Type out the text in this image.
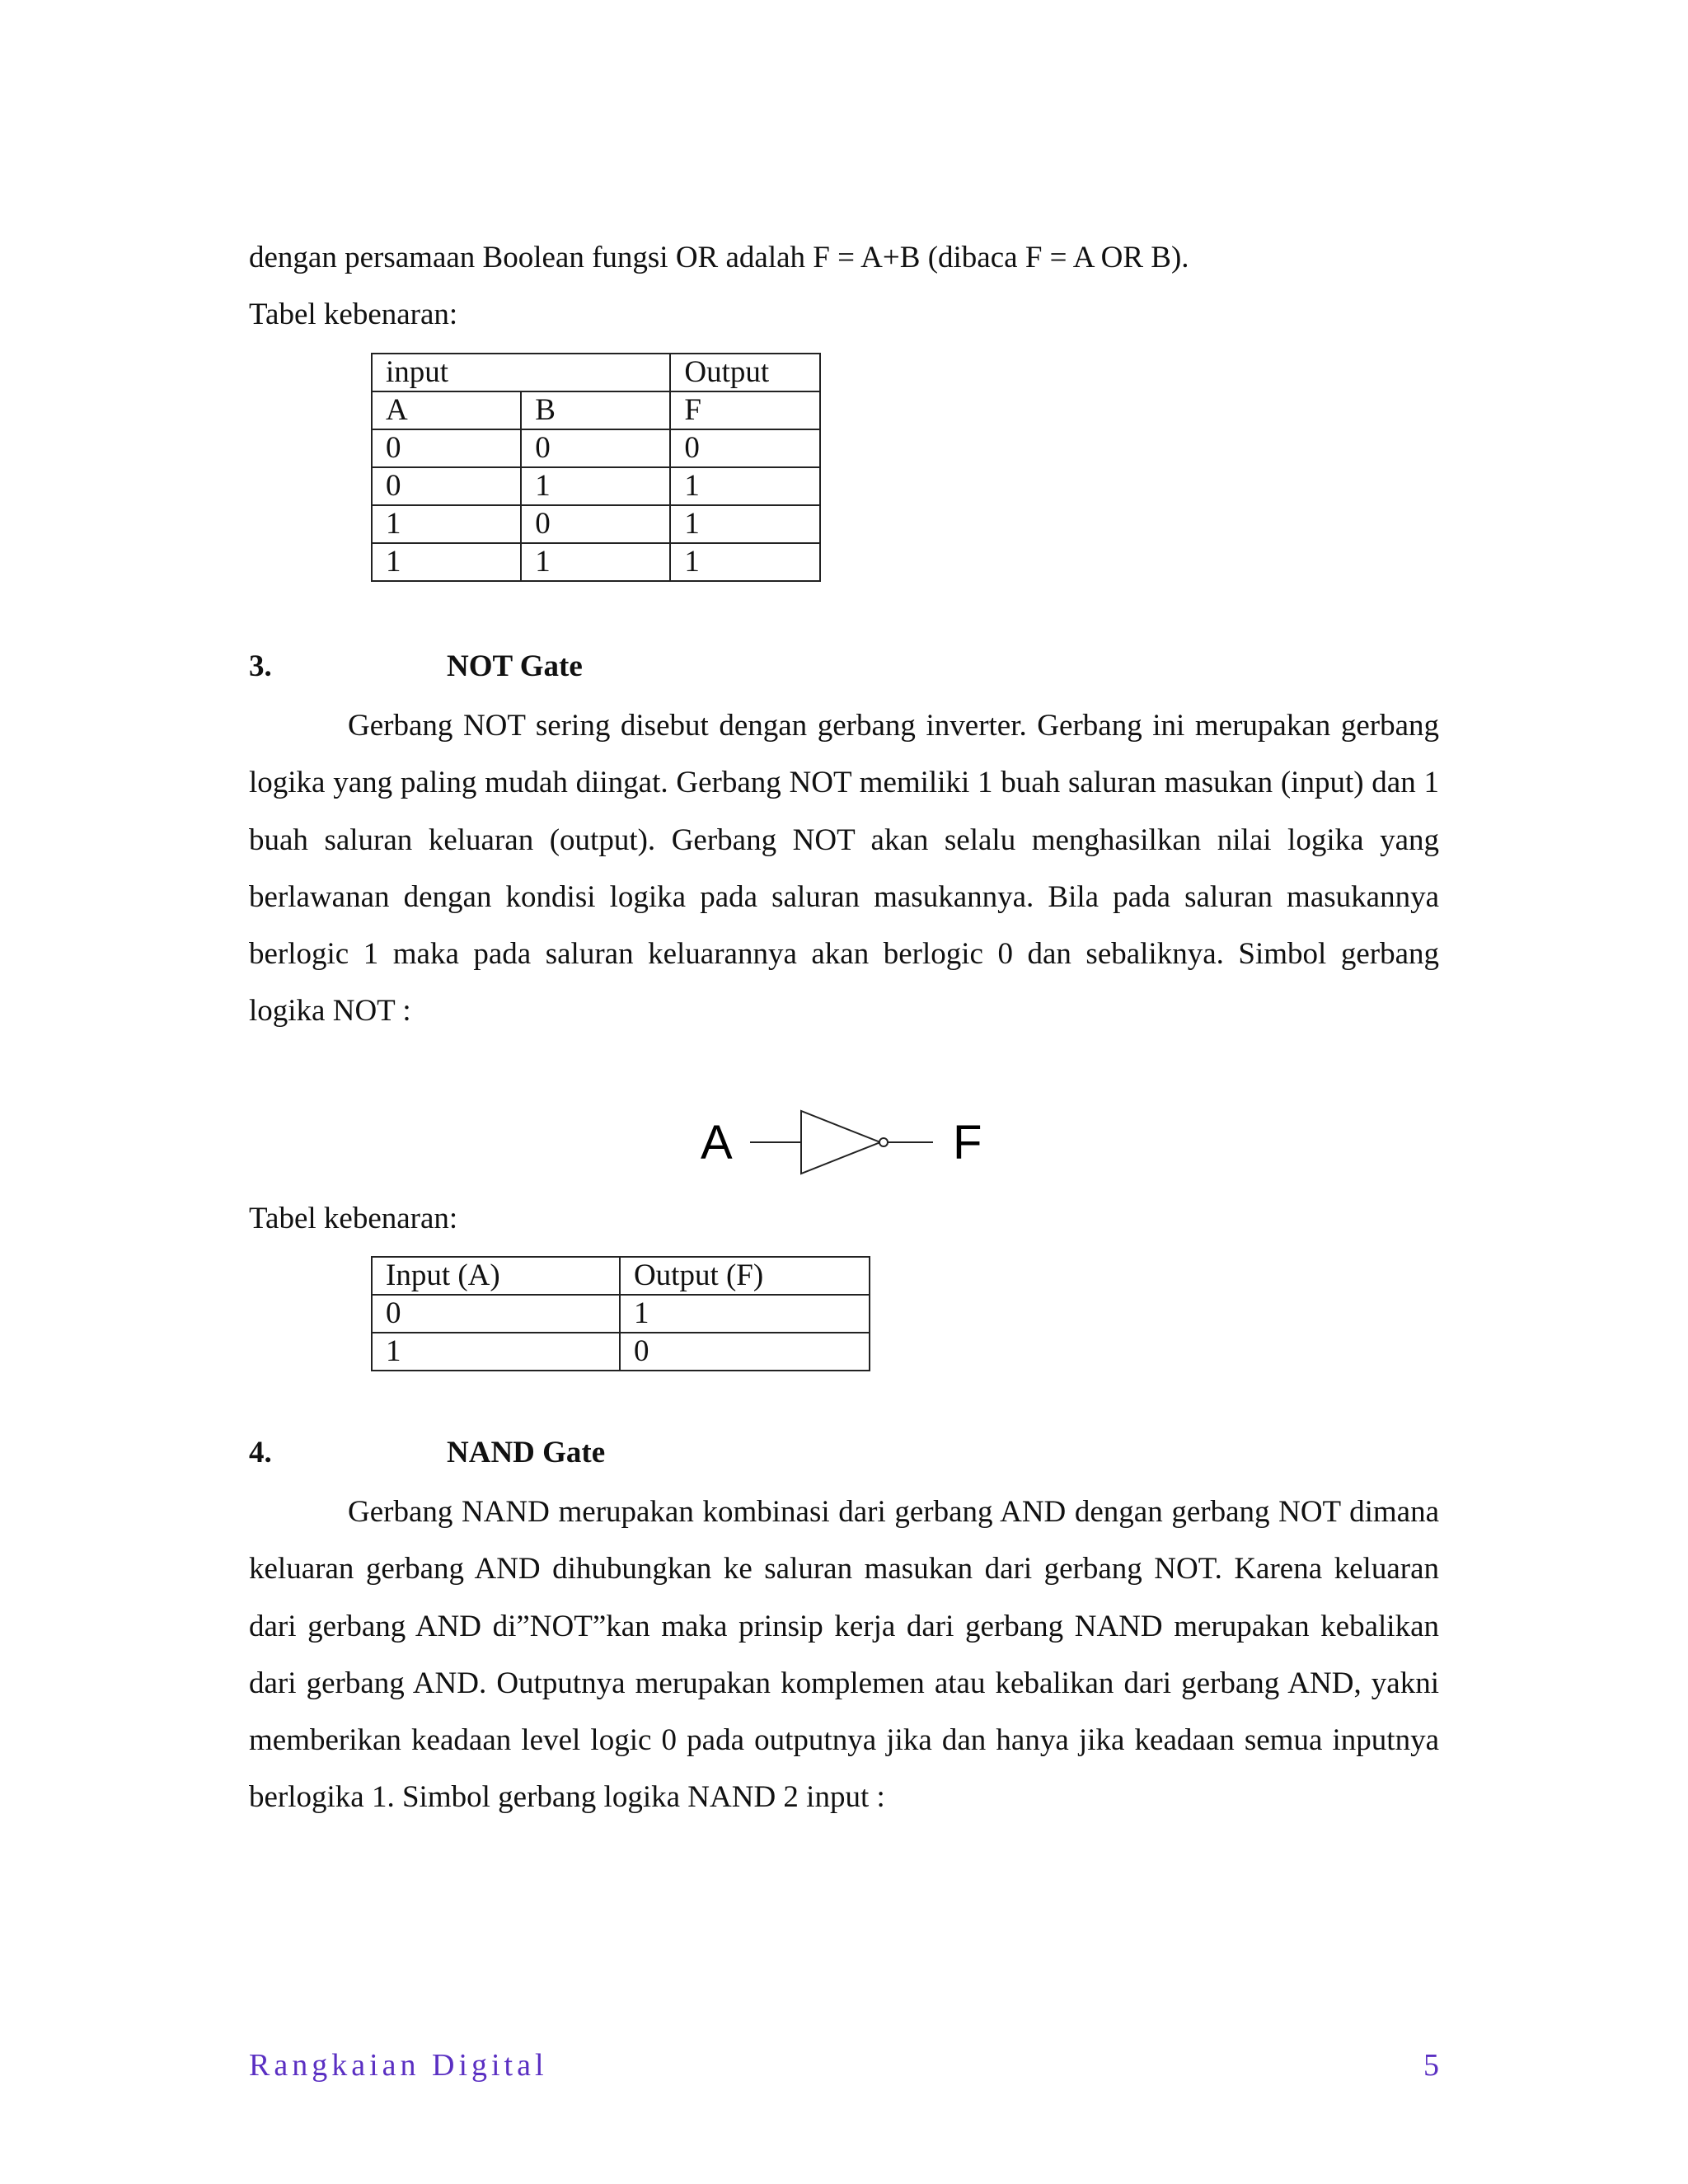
dengan persamaan Boolean fungsi OR adalah F = A+B (dibaca F = A OR B).
Tabel kebenaran:
input		Output
A	B	F
0	0	0
0	1	1
1	0	1
1	1	1
3.	NOT Gate

Gerbang NOT sering disebut dengan gerbang inverter. Gerbang ini merupakan gerbang logika yang paling mudah diingat. Gerbang NOT memiliki 1 buah saluran masukan (input) dan 1 buah saluran keluaran (output). Gerbang NOT akan selalu menghasilkan nilai logika yang berlawanan dengan kondisi logika pada saluran masukannya. Bila pada saluran masukannya berlogic 1 maka pada saluran keluarannya akan berlogic 0 dan sebaliknya. Simbol gerbang logika NOT :

A	F
Tabel kebenaran:
Input (A)	Output (F)
0	1
1	0
4.	NAND Gate

Gerbang NAND merupakan kombinasi dari gerbang AND dengan gerbang NOT dimana keluaran gerbang AND dihubungkan ke saluran masukan dari gerbang NOT. Karena keluaran dari gerbang AND di”NOT”kan maka prinsip kerja dari gerbang NAND merupakan kebalikan dari gerbang AND. Outputnya merupakan komplemen atau kebalikan dari gerbang AND, yakni memberikan keadaan level logic 0 pada outputnya jika dan hanya jika keadaan semua inputnya berlogika 1. Simbol gerbang logika NAND 2 input :

Rangkaian Digital	5
